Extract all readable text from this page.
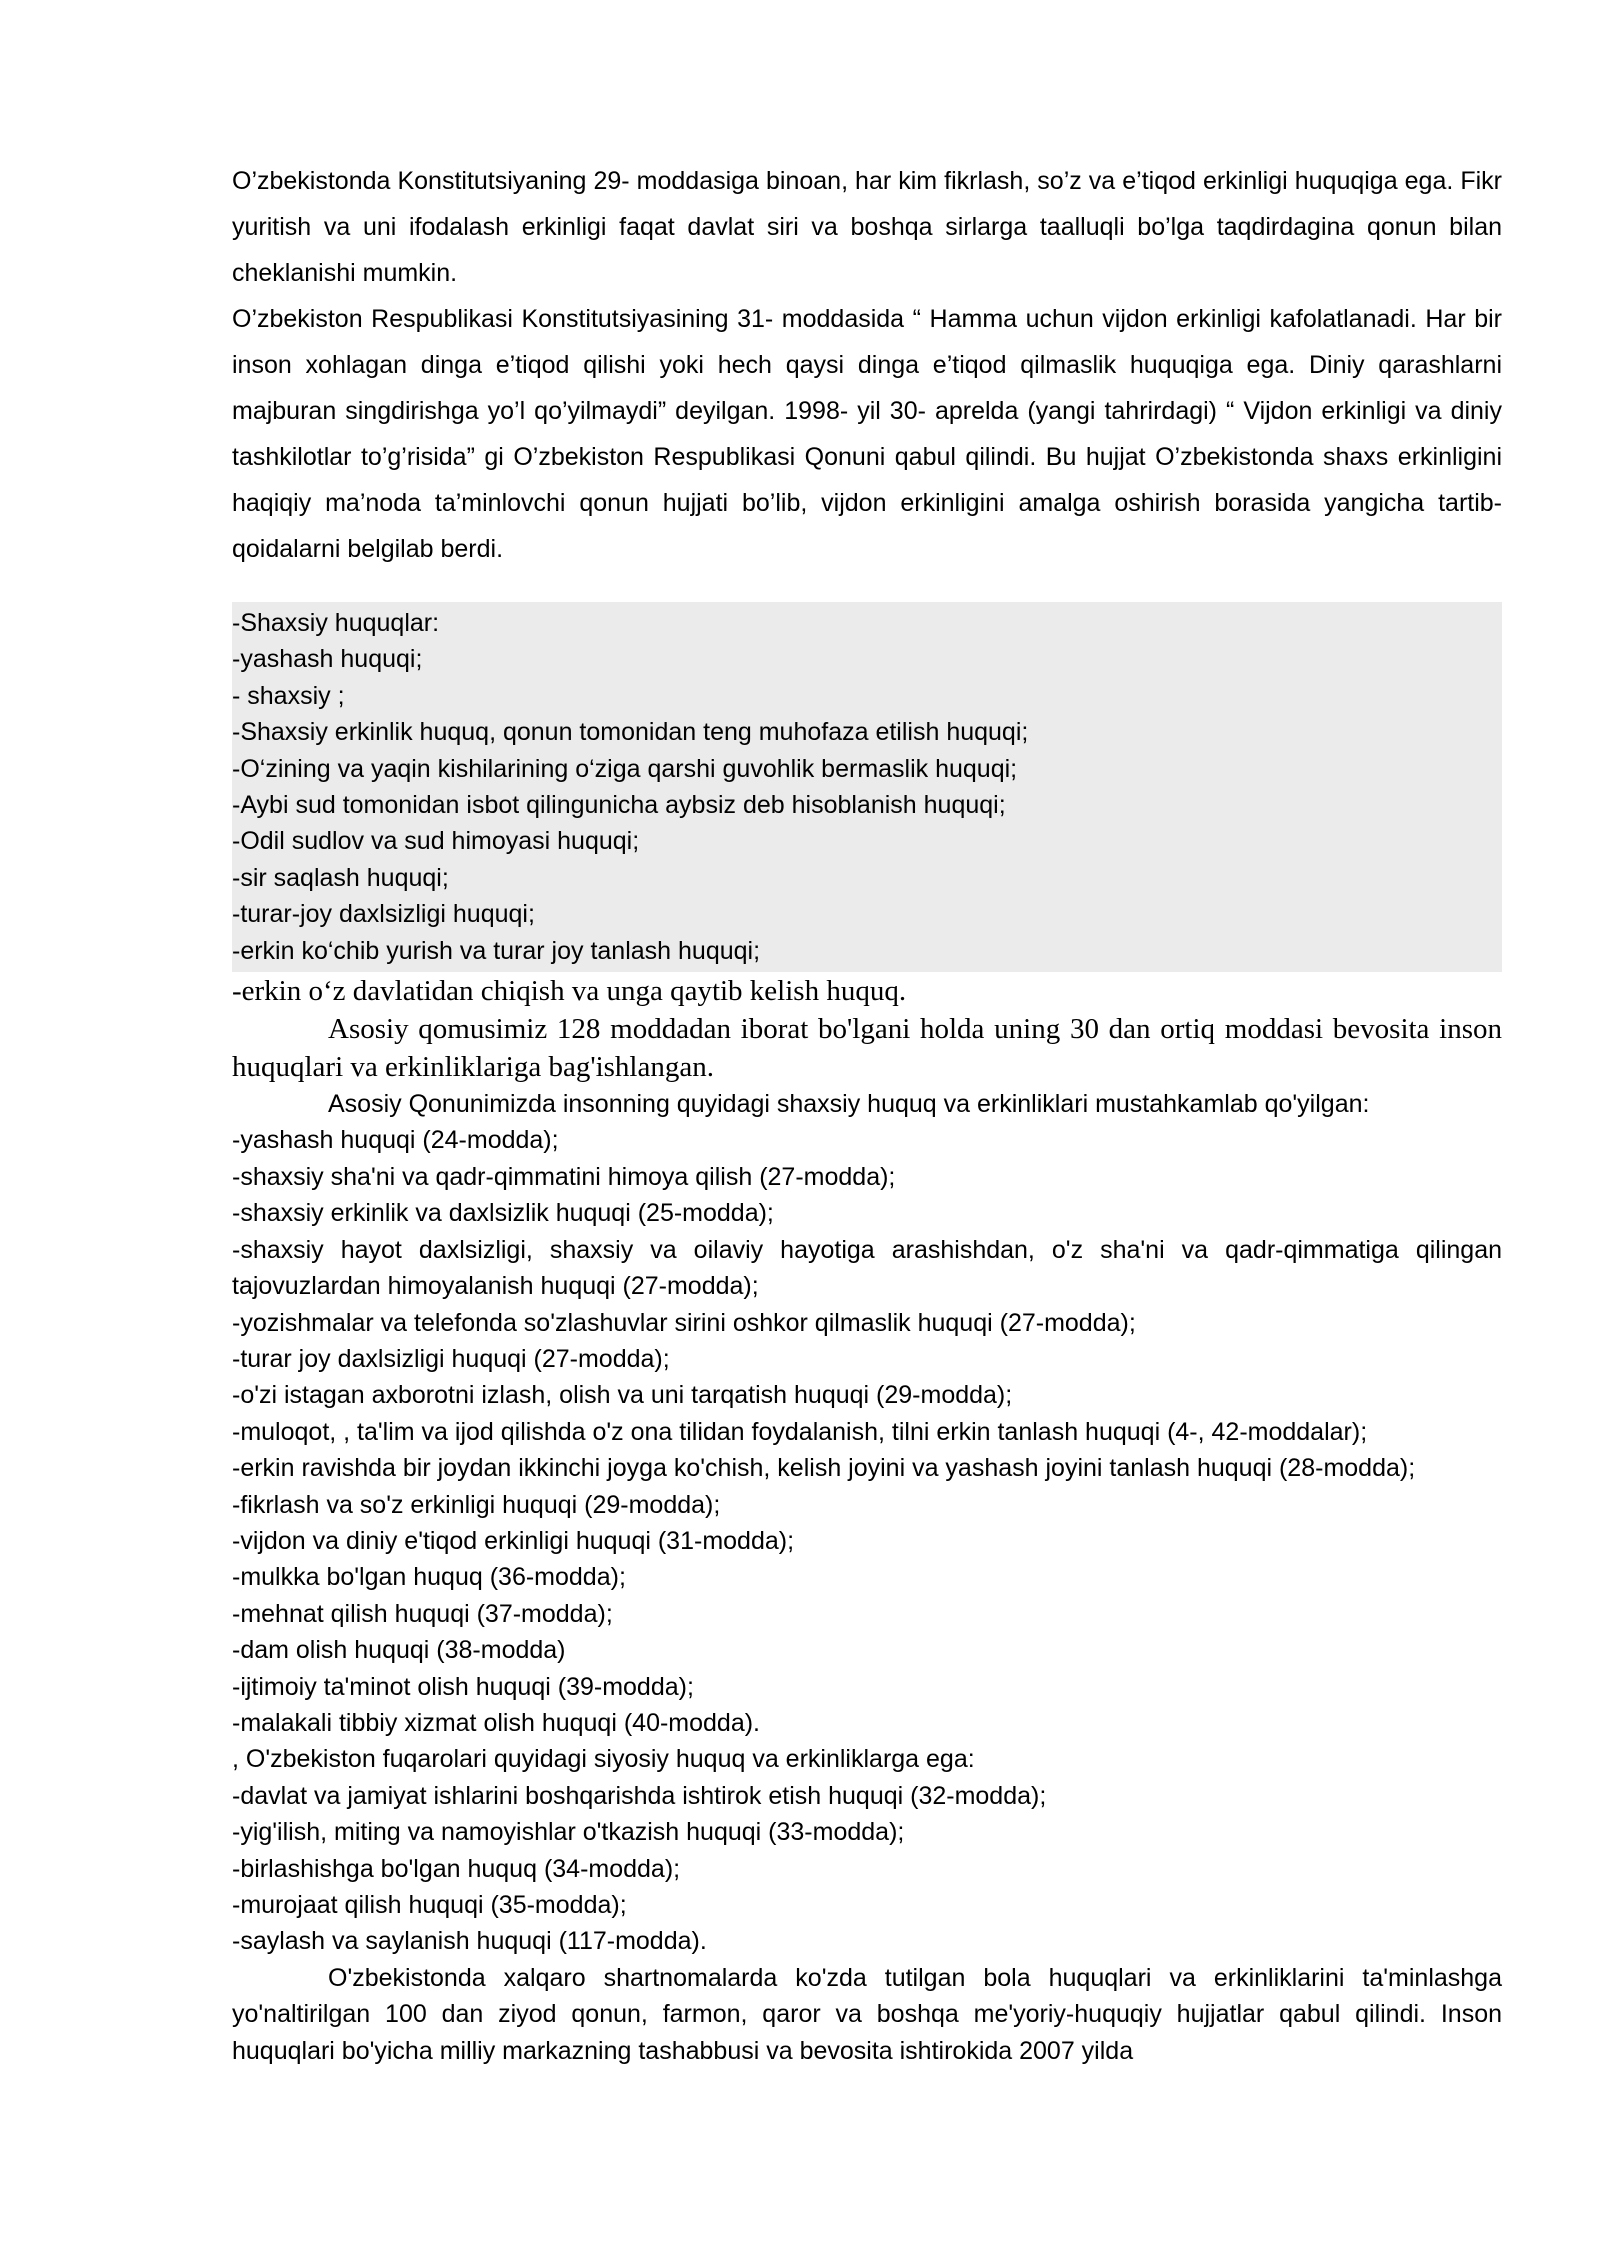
O’zbekistonda Konstitutsiyaning 29- moddasiga binoan, har kim fikrlash, so’z va e’tiqod erkinligi huquqiga ega. Fikr yuritish va uni ifodalash erkinligi faqat davlat siri va boshqa sirlarga taalluqli bo’lga taqdirdagina qonun bilan cheklanishi mumkin.

O’zbekiston Respublikasi Konstitutsiyasining 31- moddasida “ Hamma uchun vijdon erkinligi kafolatlanadi. Har bir inson xohlagan dinga e’tiqod qilishi yoki hech qaysi dinga e’tiqod qilmaslik huquqiga ega. Diniy qarashlarni majburan singdirishga yo’l qo’yilmaydi” deyilgan. 1998- yil 30- aprelda (yangi tahrirdagi) “ Vijdon erkinligi va diniy tashkilotlar to’g’risida” gi O’zbekiston Respublikasi Qonuni qabul qilindi. Bu hujjat O’zbekistonda shaxs erkinligini haqiqiy ma’noda ta’minlovchi qonun hujjati bo’lib, vijdon erkinligini amalga oshirish borasida yangicha tartib- qoidalarni belgilab berdi.

-Shaxsiy huquqlar:

-yashash huquqi;

- shaxsiy ;

-Shaxsiy erkinlik huquq, qonun tomonidan teng muhofaza etilish huquqi;

-O‘zining va yaqin kishilarining o‘ziga qarshi guvohlik bermaslik huquqi;

-Aybi sud tomonidan isbot qilingunicha aybsiz deb hisoblanish huquqi;

-Odil sudlov va sud himoyasi huquqi;

-sir saqlash huquqi;

-turar-joy daxlsizligi huquqi;

-erkin ko‘chib yurish va turar joy tanlash huquqi;

-erkin o‘z davlatidan chiqish va unga qaytib kelish huquq.

Asosiy qomusimiz 128 moddadan iborat bo'lgani holda uning 30 dan ortiq moddasi bevosita inson huquqlari va erkinliklariga bag'ishlangan.

Asosiy Qonunimizda insonning quyidagi shaxsiy huquq va erkinliklari mustahkamlab qo'yilgan:

-yashash huquqi (24-modda);

-shaxsiy sha'ni va qadr-qimmatini himoya qilish (27-modda);

-shaxsiy erkinlik va daxlsizlik huquqi (25-modda);

-shaxsiy hayot daxlsizligi, shaxsiy va oilaviy hayotiga arashishdan, o'z sha'ni va qadr-qimmatiga qilingan tajovuzlardan himoyalanish huquqi (27-modda);

-yozishmalar va telefonda so'zlashuvlar sirini oshkor qilmaslik huquqi (27-modda);

-turar joy daxlsizligi huquqi (27-modda);

-o'zi istagan axborotni izlash, olish va uni tarqatish huquqi (29-modda);

-muloqot, , ta'lim va ijod qilishda o'z ona tilidan foydalanish, tilni erkin tanlash huquqi (4-, 42-moddalar);

-erkin ravishda bir joydan ikkinchi joyga ko'chish, kelish joyini va yashash joyini tanlash huquqi (28-modda);

-fikrlash va so'z erkinligi huquqi (29-modda);

-vijdon va diniy e'tiqod erkinligi huquqi (31-modda);

-mulkka bo'lgan huquq (36-modda);

-mehnat qilish huquqi (37-modda);

-dam olish huquqi (38-modda)

-ijtimoiy ta'minot olish huquqi (39-modda);

-malakali tibbiy xizmat olish huquqi (40-modda).

, O'zbekiston fuqarolari quyidagi siyosiy huquq va erkinliklarga ega:

-davlat va jamiyat ishlarini boshqarishda ishtirok etish huquqi (32-modda);

-yig'ilish, miting va namoyishlar o'tkazish huquqi (33-modda);

-birlashishga bo'lgan huquq (34-modda);

-murojaat qilish huquqi (35-modda);

-saylash va saylanish huquqi (117-modda).

O'zbekistonda xalqaro shartnomalarda ko'zda tutilgan bola huquqlari va erkinliklarini ta'minlashga yo'naltirilgan 100 dan ziyod qonun, farmon, qaror va boshqa me'yoriy-huquqiy hujjatlar qabul qilindi. Inson huquqlari bo'yicha milliy markazning tashabbusi va bevosita ishtirokida 2007 yilda
